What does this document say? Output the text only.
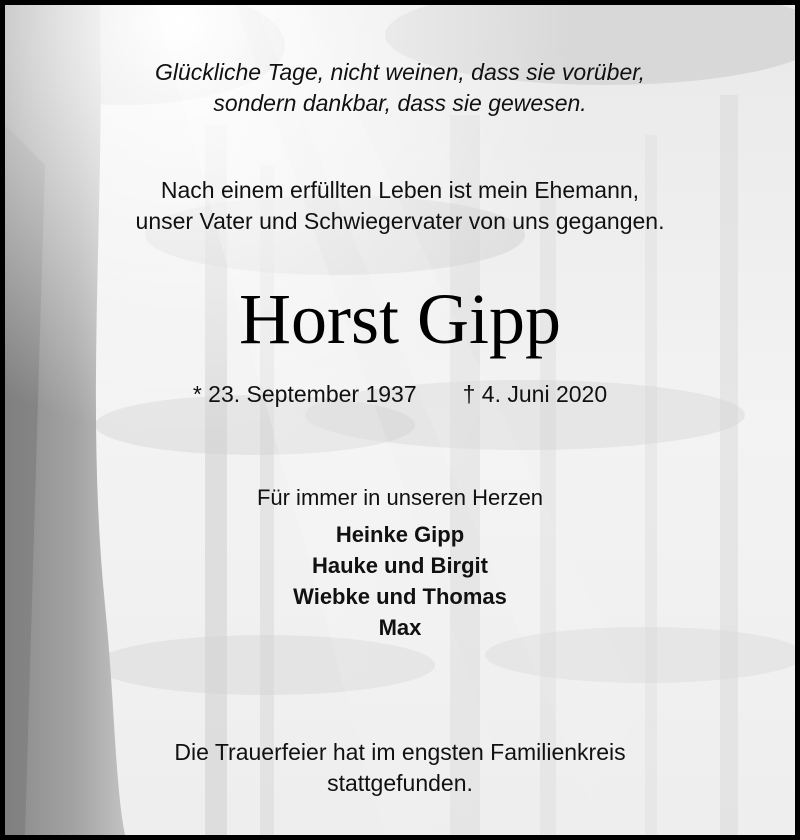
Glückliche Tage, nicht weinen, dass sie vorüber,
sondern dankbar, dass sie gewesen.
Nach einem erfüllten Leben ist mein Ehemann,
unser Vater und Schwiegervater von uns gegangen.
Horst Gipp
* 23. September 1937 † 4. Juni 2020
Für immer in unseren Herzen
Heinke Gipp
Hauke und Birgit
Wiebke und Thomas
Max
Die Trauerfeier hat im engsten Familienkreis
stattgefunden.
